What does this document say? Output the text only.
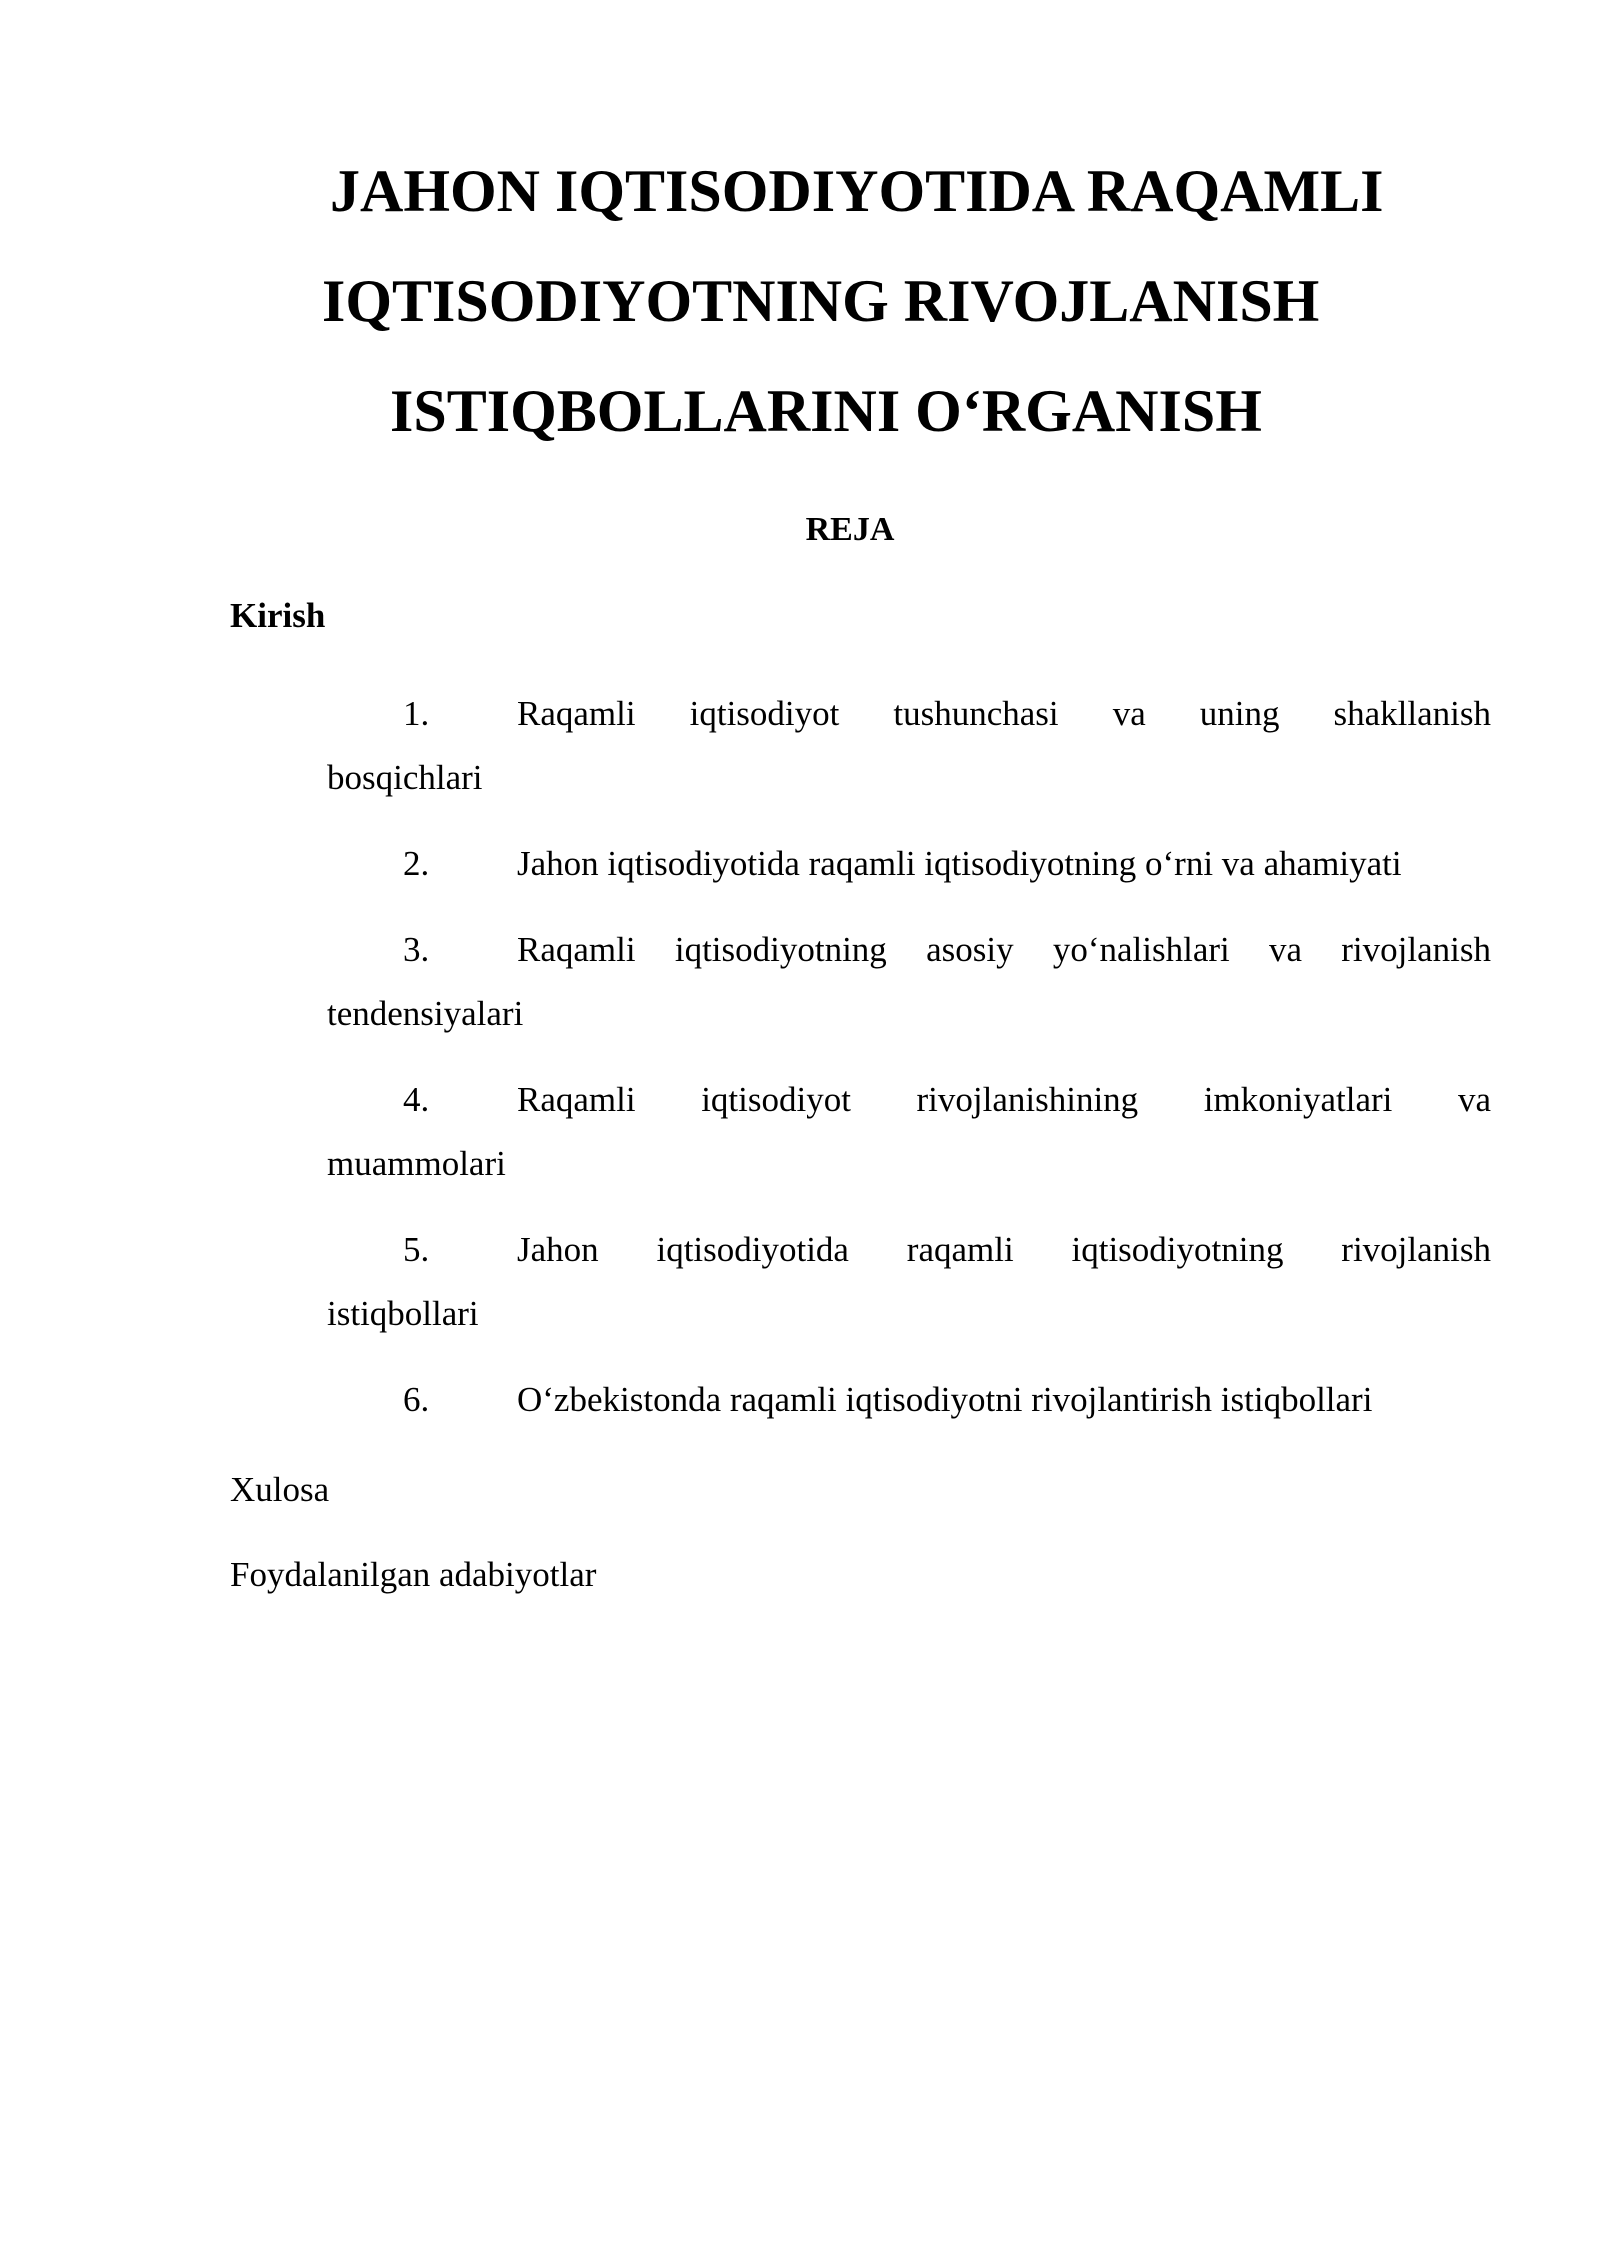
JAHON IQTISODIYOTIDA RAQAMLI
IQTISODIYOTNING RIVOJLANISH
ISTIQBOLLARINI O‘RGANISH

REJA

Kirish

1.	Raqamli iqtisodiyot tushunchasi va uning shakllanish
bosqichlari
2.	Jahon iqtisodiyotida raqamli iqtisodiyotning o‘rni va ahamiyati
3.	Raqamli iqtisodiyotning asosiy yo‘nalishlari va rivojlanish
tendensiyalari
4.	Raqamli iqtisodiyot rivojlanishining imkoniyatlari va
muammolari
5.	Jahon iqtisodiyotida raqamli iqtisodiyotning rivojlanish
istiqbollari
6.	O‘zbekistonda raqamli iqtisodiyotni rivojlantirish istiqbollari

Xulosa

Foydalanilgan adabiyotlar
